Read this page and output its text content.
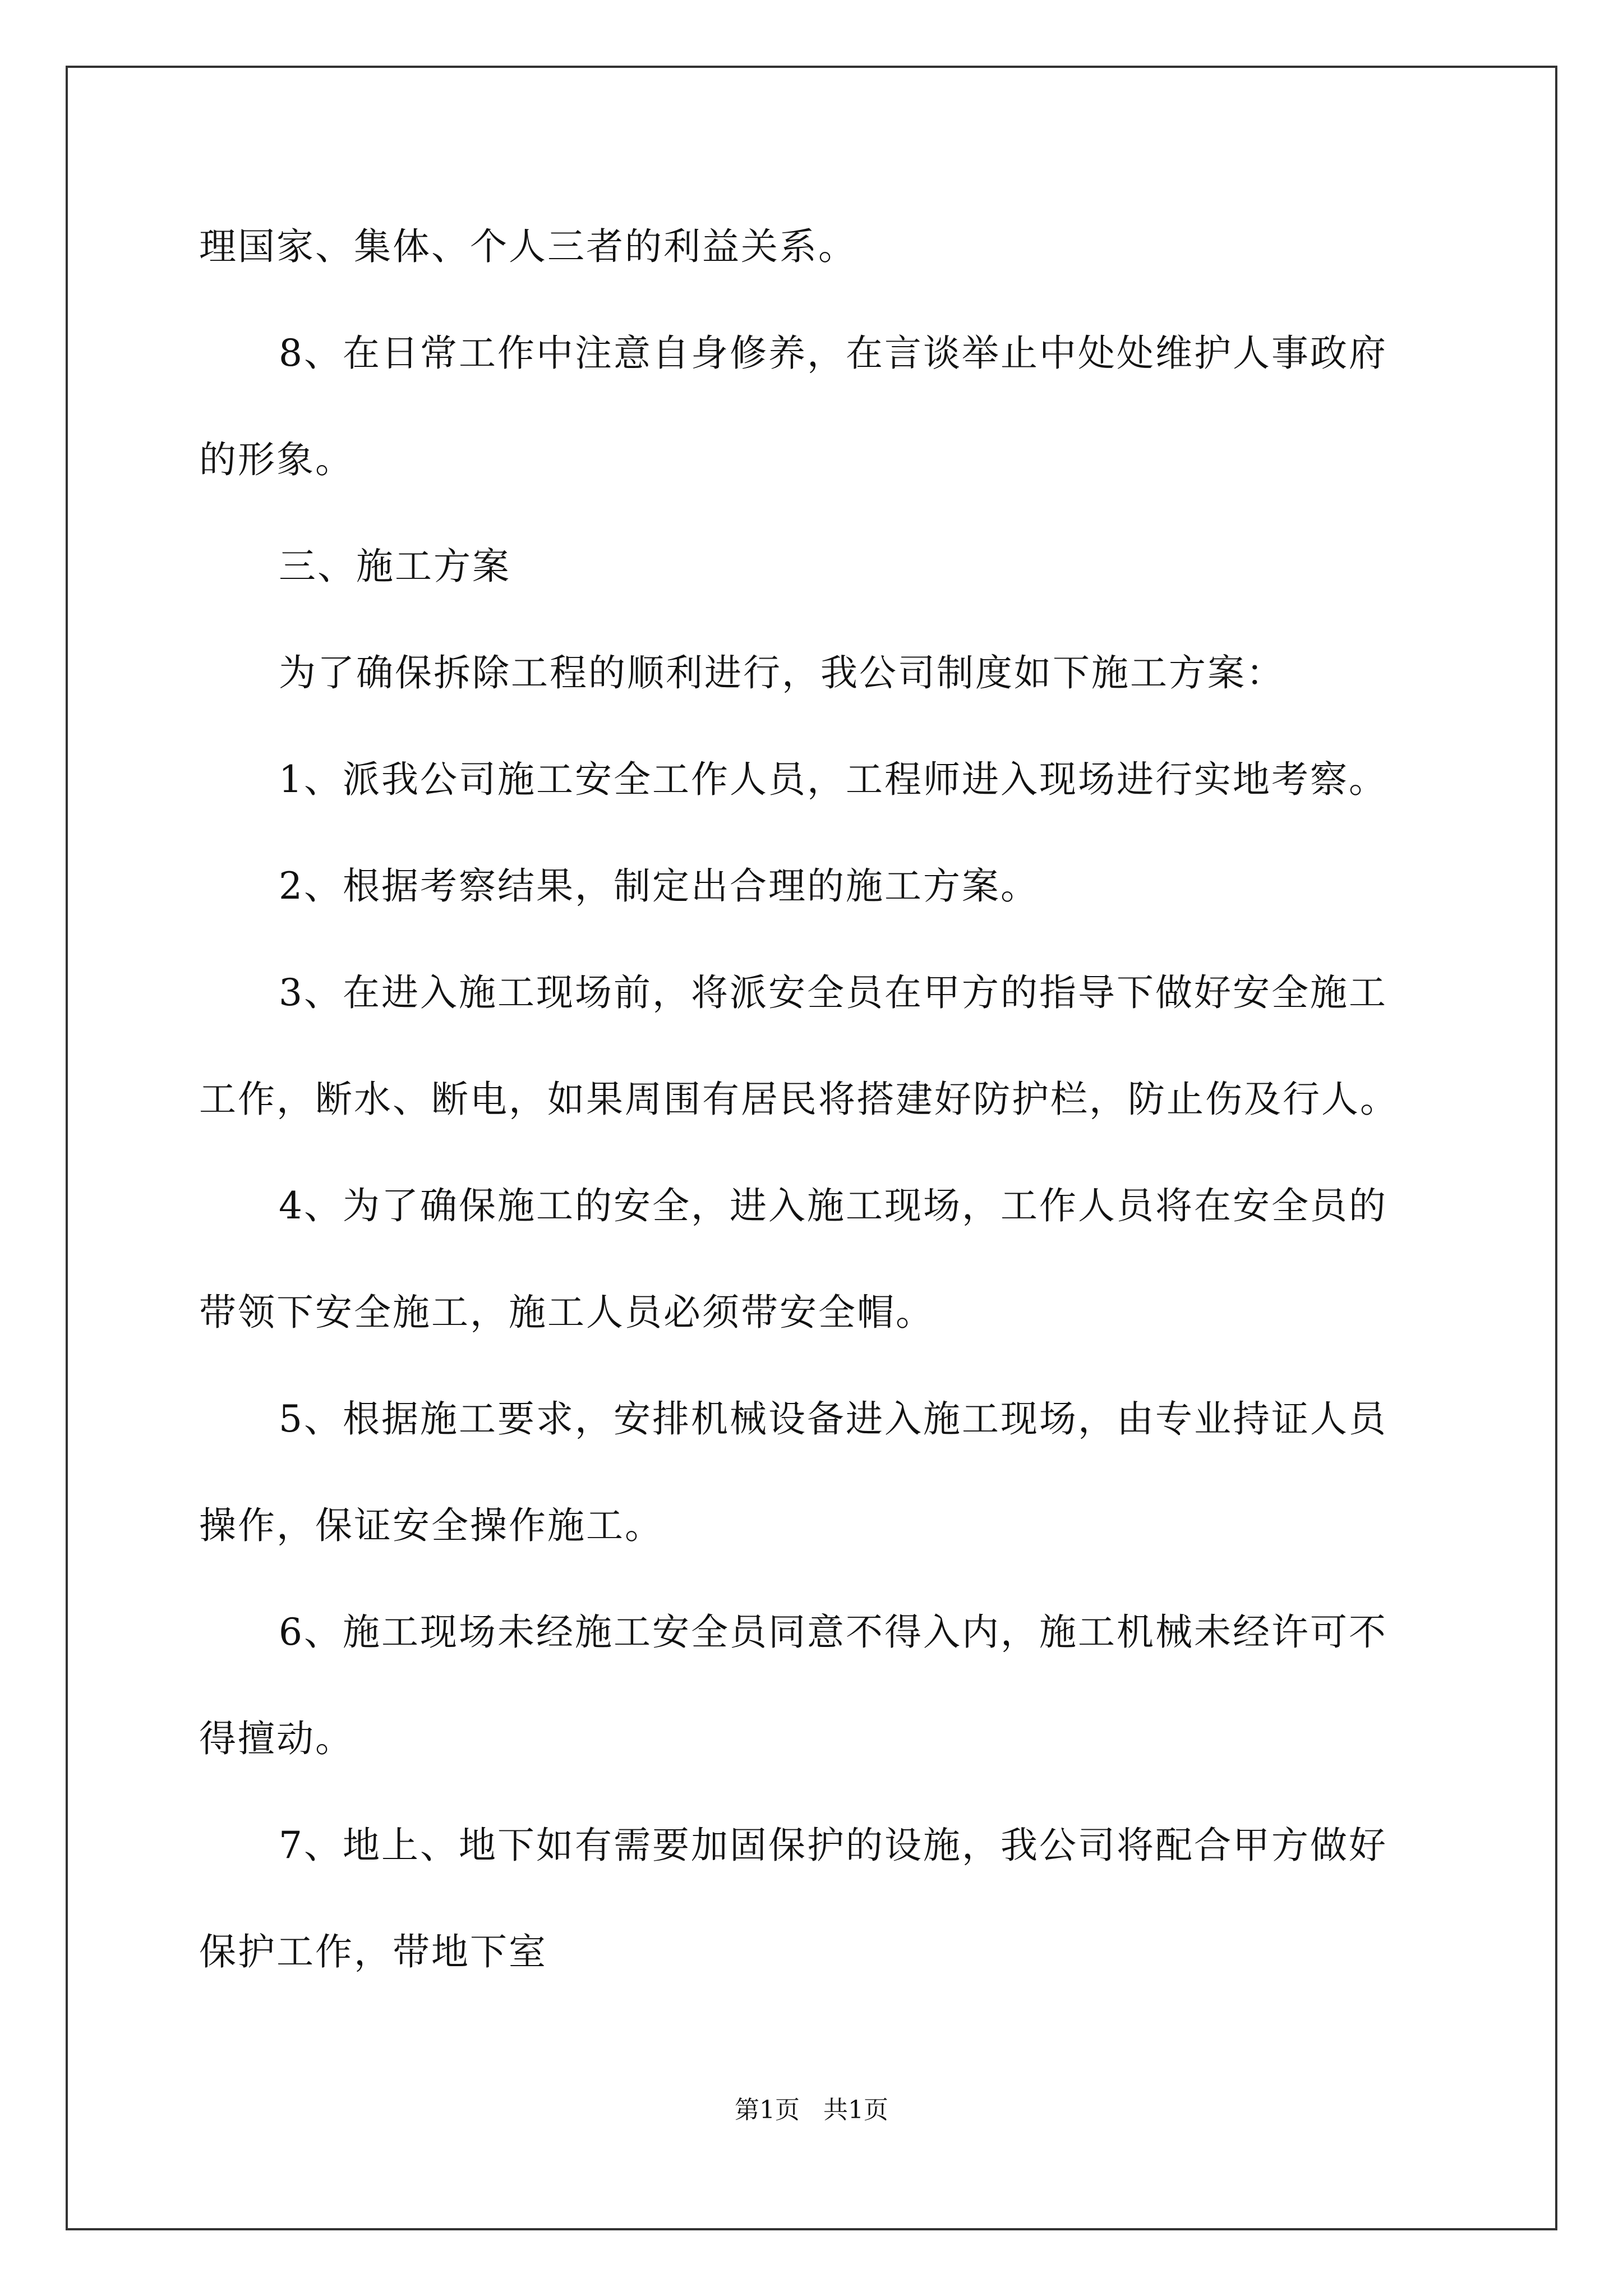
理国家、集体、个人三者的利益关系。
8、在日常工作中注意自身修养，在言谈举止中处处维护人事政府
的形象。
三、施工方案
为了确保拆除工程的顺利进行，我公司制度如下施工方案：
1、派我公司施工安全工作人员，工程师进入现场进行实地考察。
2、根据考察结果，制定出合理的施工方案。
3、在进入施工现场前，将派安全员在甲方的指导下做好安全施工
工作，断水、断电，如果周围有居民将搭建好防护栏，防止伤及行人。
4、为了确保施工的安全，进入施工现场，工作人员将在安全员的
带领下安全施工，施工人员必须带安全帽。
5、根据施工要求，安排机械设备进入施工现场，由专业持证人员
操作，保证安全操作施工。
6、施工现场未经施工安全员同意不得入内，施工机械未经许可不
得擅动。
7、地上、地下如有需要加固保护的设施，我公司将配合甲方做好
保护工作，带地下室
第1页   共1页
